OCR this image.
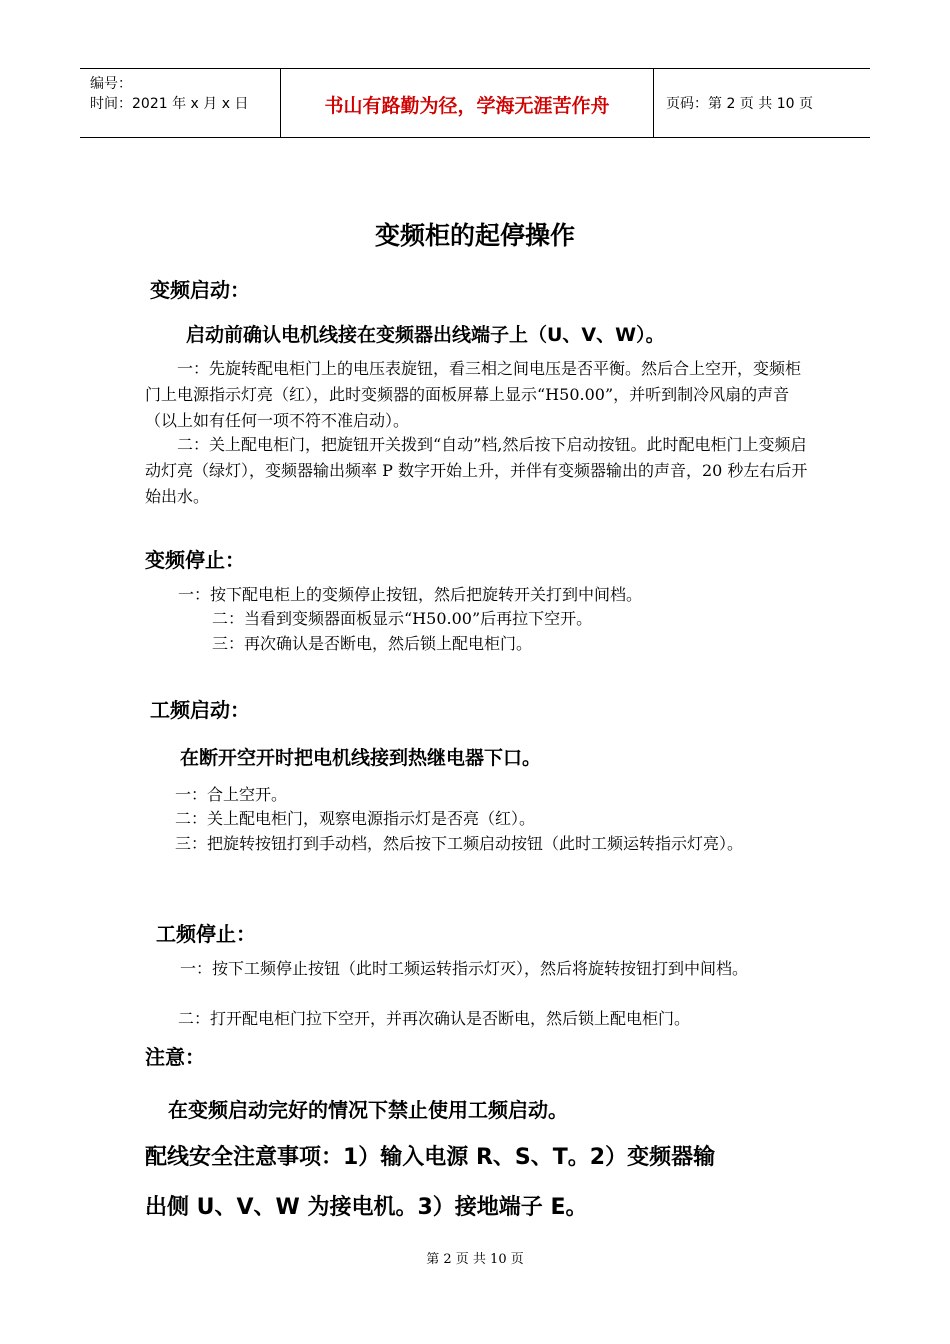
编号：
时间：2021 年 x 月 x 日	书山有路勤为径，学海无涯苦作舟	页码：第 2 页 共 10 页
变频柜的起停操作
变频启动：
启动前确认电机线接在变频器出线端子上（U、V、W）。
一：先旋转配电柜门上的电压表旋钮，看三相之间电压是否平衡。然后合上空开，变频柜门上电源指示灯亮（红），此时变频器的面板屏幕上显示“H50.00”，并听到制冷风扇的声音（以上如有任何一项不符不准启动）。
二：关上配电柜门，把旋钮开关拨到“自动”档,然后按下启动按钮。此时配电柜门上变频启动灯亮（绿灯），变频器输出频率 P 数字开始上升，并伴有变频器输出的声音，20 秒左右后开始出水。
变频停止：
一：按下配电柜上的变频停止按钮，然后把旋转开关打到中间档。
二：当看到变频器面板显示“H50.00”后再拉下空开。
三：再次确认是否断电，然后锁上配电柜门。
工频启动：
在断开空开时把电机线接到热继电器下口。
一：合上空开。
二：关上配电柜门，观察电源指示灯是否亮（红）。
三：把旋转按钮打到手动档，然后按下工频启动按钮（此时工频运转指示灯亮）。
工频停止：
一：按下工频停止按钮（此时工频运转指示灯灭），然后将旋转按钮打到中间档。
二：打开配电柜门拉下空开，并再次确认是否断电，然后锁上配电柜门。
注意：
在变频启动完好的情况下禁止使用工频启动。
配线安全注意事项：1）输入电源 R、S、T。2）变频器输
出侧 U、V、W 为接电机。3）接地端子 E。
第 2 页 共 10 页
